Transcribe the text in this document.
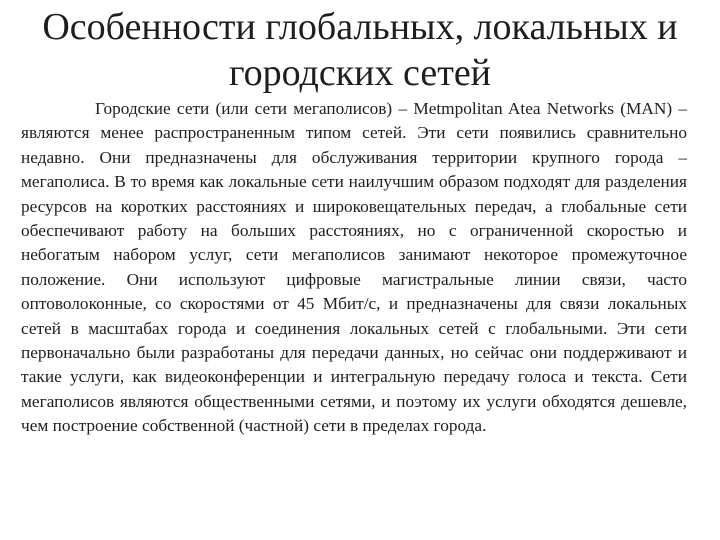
Особенности глобальных, локальных и
городских сетей

Городские сети (или сети мегаполисов) – Metmpolitan Atea Networks (MAN) – являются менее распространенным типом сетей. Эти сети появились сравнительно недавно. Они предназначены для обслуживания территории крупного города – мегаполиса. В то время как локальные сети наилучшим образом подходят для разделения ресурсов на коротких расстояниях и широковещательных передач, а глобальные сети обеспечивают работу на больших расстояниях, но с ограниченной скоростью и небогатым набором услуг, сети мегаполисов занимают некоторое промежуточное положение. Они используют цифровые магистральные линии связи, часто оптоволоконные, со скоростями от 45 Мбит/с, и предназначены для связи локальных сетей в масштабах города и соединения локальных сетей с глобальными. Эти сети первоначально были разработаны для передачи данных, но сейчас они поддерживают и такие услуги, как видеоконференции и интегральную передачу голоса и текста. Сети мегаполисов являются общественными сетями, и поэтому их услуги обходятся дешевле, чем построение собственной (частной) сети в пределах города.
